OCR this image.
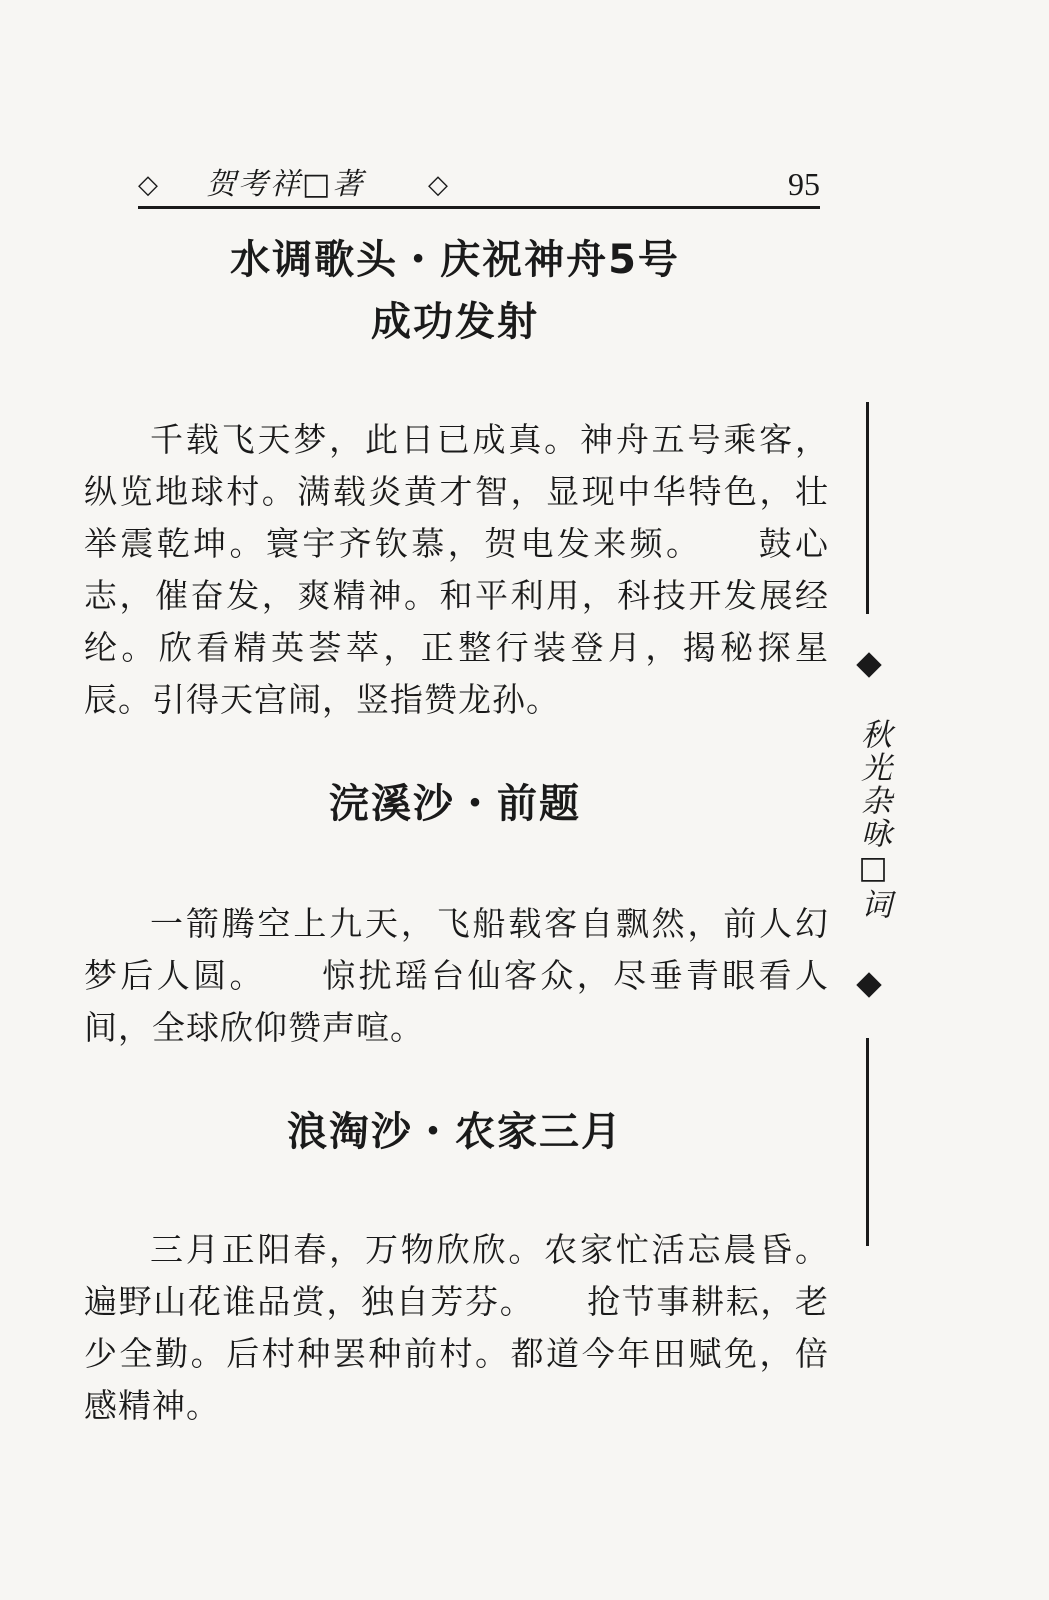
◇ 贺考祥□著 ◇	95
水调歌头・庆祝神舟5号
成功发射
千载飞天梦，此日已成真。神舟五号乘客，纵览地球村。满载炎黄才智，显现中华特色，壮举震乾坤。寰宇齐钦慕，贺电发来频。　　鼓心志，催奋发，爽精神。和平利用，科技开发展经纶。欣看精英荟萃，正整行装登月，揭秘探星辰。引得天宫闹，竖指赞龙孙。
浣溪沙・前题
一箭腾空上九天，飞船载客自飘然，前人幻梦后人圆。　　惊扰瑶台仙客众，尽垂青眼看人间，全球欣仰赞声喧。
浪淘沙・农家三月
三月正阳春，万物欣欣。农家忙活忘晨昏。遍野山花谁品赏，独自芳芬。　　抢节事耕耘，老少全勤。后村种罢种前村。都道今年田赋免，倍感精神。
秋光杂咏□词
